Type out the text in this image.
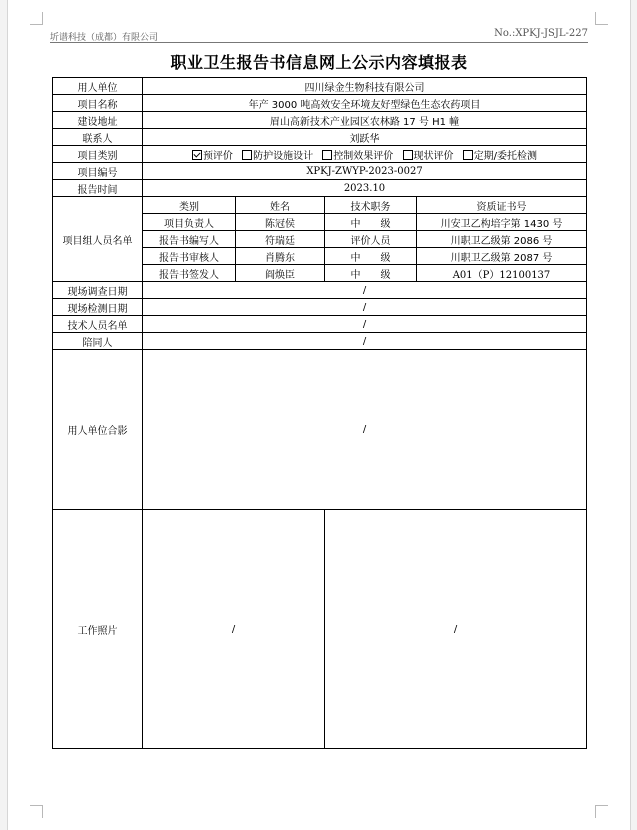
圻谱科技（成都）有限公司	No.:XPKJ-JSJL-227
职业卫生报告书信息网上公示内容填报表
用人单位	四川绿金生物科技有限公司			
项目名称	年产 3000 吨高效安全环境友好型绿色生态农药项目			
建设地址	眉山高新技术产业园区农林路 17 号 H1 幢			
联系人	刘跃华			
项目类别	预评价 防护设施设计 控制效果评价 现状评价 定期/委托检测			
项目编号	XPKJ-ZWYP-2023-0027			
报告时间	2023.10			
项目组人员名单	类别	姓名	技术职务	资质证书号
	项目负责人	陈冠侯	中　　级	川安卫乙构培字第 1430 号
	报告书编写人	符瑞廷	评价人员	川职卫乙级第 2086 号
	报告书审核人	肖腾东	中　　级	川职卫乙级第 2087 号
	报告书签发人	阎焕臣	中　　级	A01（P）12100137
现场调查日期	/			
现场检测日期	/			
技术人员名单	/			
陪同人	/			
用人单位合影	/			
工作照片	/		/	
